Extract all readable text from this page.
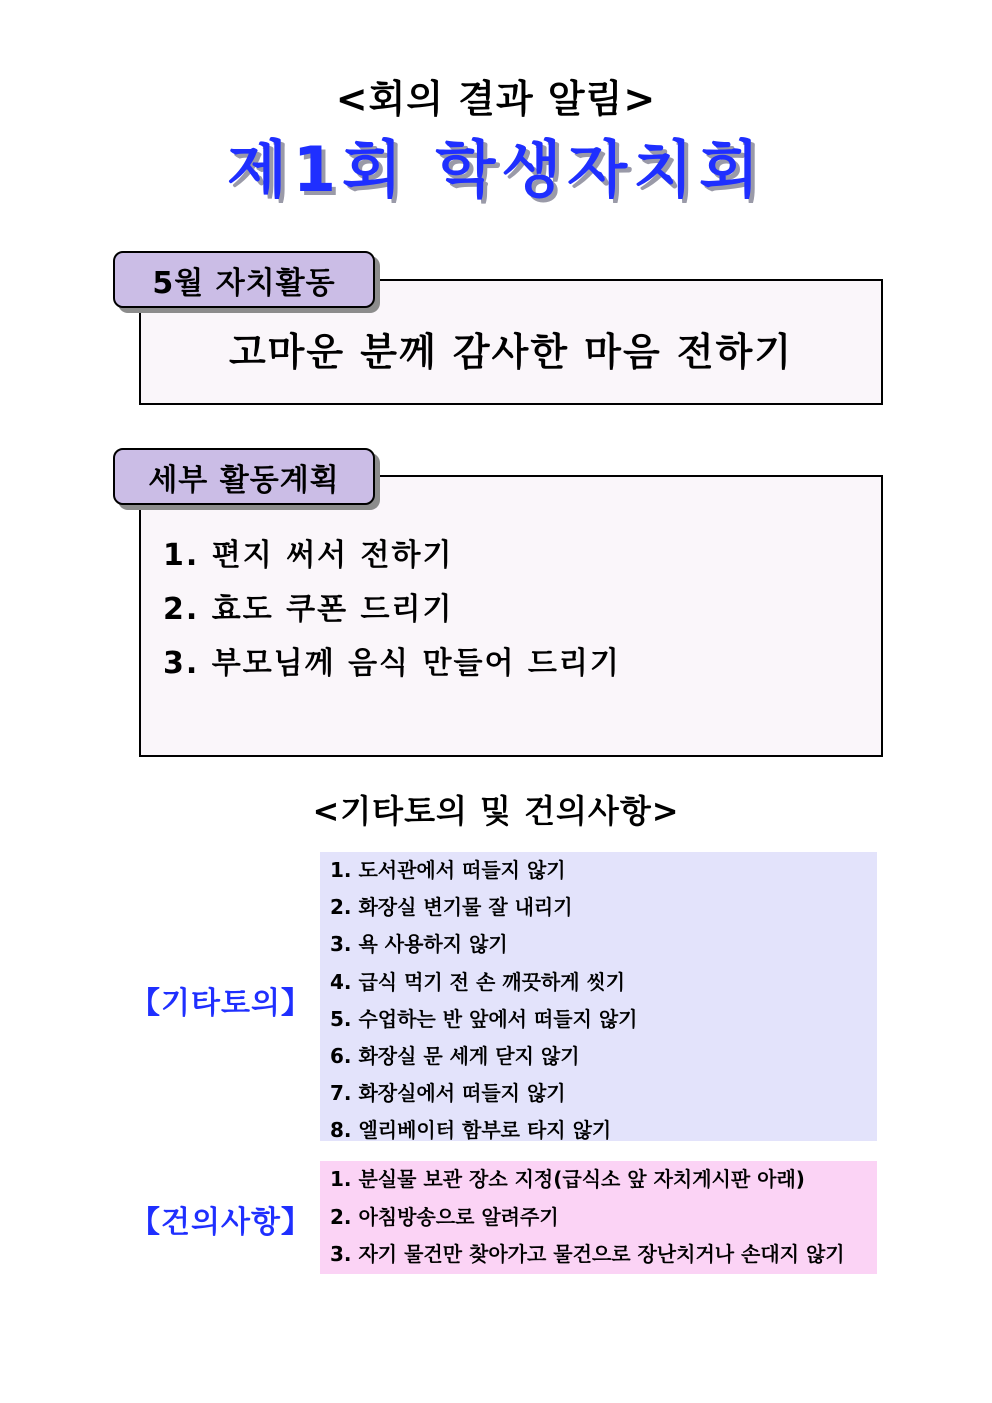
<회의 결과 알림>
제1회 학생자치회
고마운 분께 감사한 마음 전하기
5월 자치활동
1. 편지 써서 전하기
2. 효도 쿠폰 드리기
3. 부모님께 음식 만들어 드리기
세부 활동계획
<기타토의 및 건의사항>
【기타토의】
1. 도서관에서 떠들지 않기
2. 화장실 변기물 잘 내리기
3. 욕 사용하지 않기
4. 급식 먹기 전 손 깨끗하게 씻기
5. 수업하는 반 앞에서 떠들지 않기
6. 화장실 문 세게 닫지 않기
7. 화장실에서 떠들지 않기
8. 엘리베이터 함부로 타지 않기
【건의사항】
1. 분실물 보관 장소 지정(급식소 앞 자치게시판 아래)
2. 아침방송으로 알려주기
3. 자기 물건만 찾아가고 물건으로 장난치거나 손대지 않기
